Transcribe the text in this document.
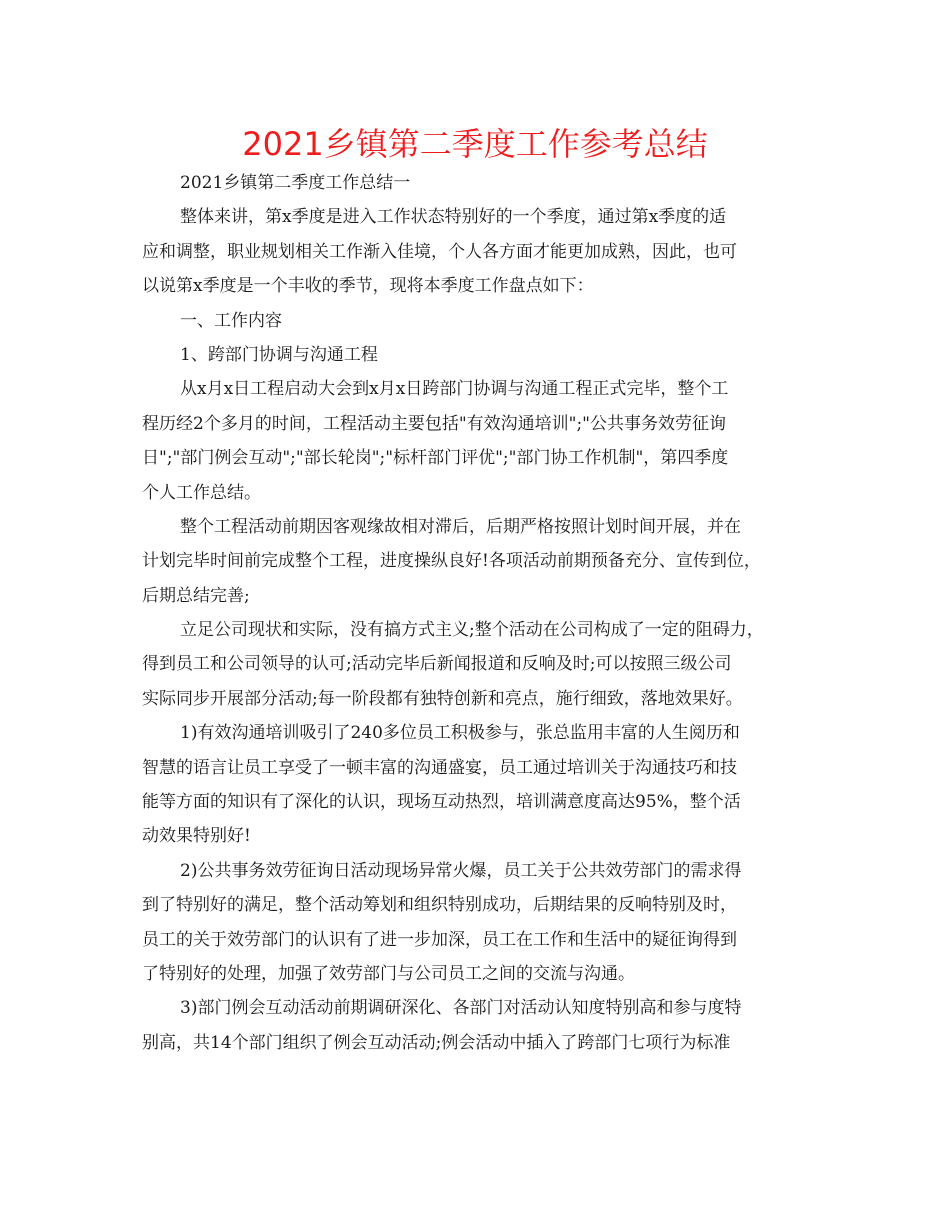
2021乡镇第二季度工作参考总结
2021乡镇第二季度工作总结一
整体来讲，第x季度是进入工作状态特别好的一个季度，通过第x季度的适
应和调整，职业规划相关工作渐入佳境，个人各方面才能更加成熟，因此，也可
以说第x季度是一个丰收的季节，现将本季度工作盘点如下：
一、工作内容
1、跨部门协调与沟通工程
从x月x日工程启动大会到x月x日跨部门协调与沟通工程正式完毕，整个工
程历经2个多月的时间，工程活动主要包括"有效沟通培训";"公共事务效劳征询
日";"部门例会互动";"部长轮岗";"标杆部门评优";"部门协工作机制"，第四季度
个人工作总结。
整个工程活动前期因客观缘故相对滞后，后期严格按照计划时间开展，并在
计划完毕时间前完成整个工程，进度操纵良好!各项活动前期预备充分、宣传到位，
后期总结完善;
立足公司现状和实际，没有搞方式主义;整个活动在公司构成了一定的阻碍力，
得到员工和公司领导的认可;活动完毕后新闻报道和反响及时;可以按照三级公司
实际同步开展部分活动;每一阶段都有独特创新和亮点，施行细致，落地效果好。
1)有效沟通培训吸引了240多位员工积极参与，张总监用丰富的人生阅历和
智慧的语言让员工享受了一顿丰富的沟通盛宴，员工通过培训关于沟通技巧和技
能等方面的知识有了深化的认识，现场互动热烈，培训满意度高达95%，整个活
动效果特别好!
2)公共事务效劳征询日活动现场异常火爆，员工关于公共效劳部门的需求得
到了特别好的满足，整个活动筹划和组织特别成功，后期结果的反响特别及时，
员工的关于效劳部门的认识有了进一步加深，员工在工作和生活中的疑征询得到
了特别好的处理，加强了效劳部门与公司员工之间的交流与沟通。
3)部门例会互动活动前期调研深化、各部门对活动认知度特别高和参与度特
别高，共14个部门组织了例会互动活动;例会活动中插入了跨部门七项行为标准
